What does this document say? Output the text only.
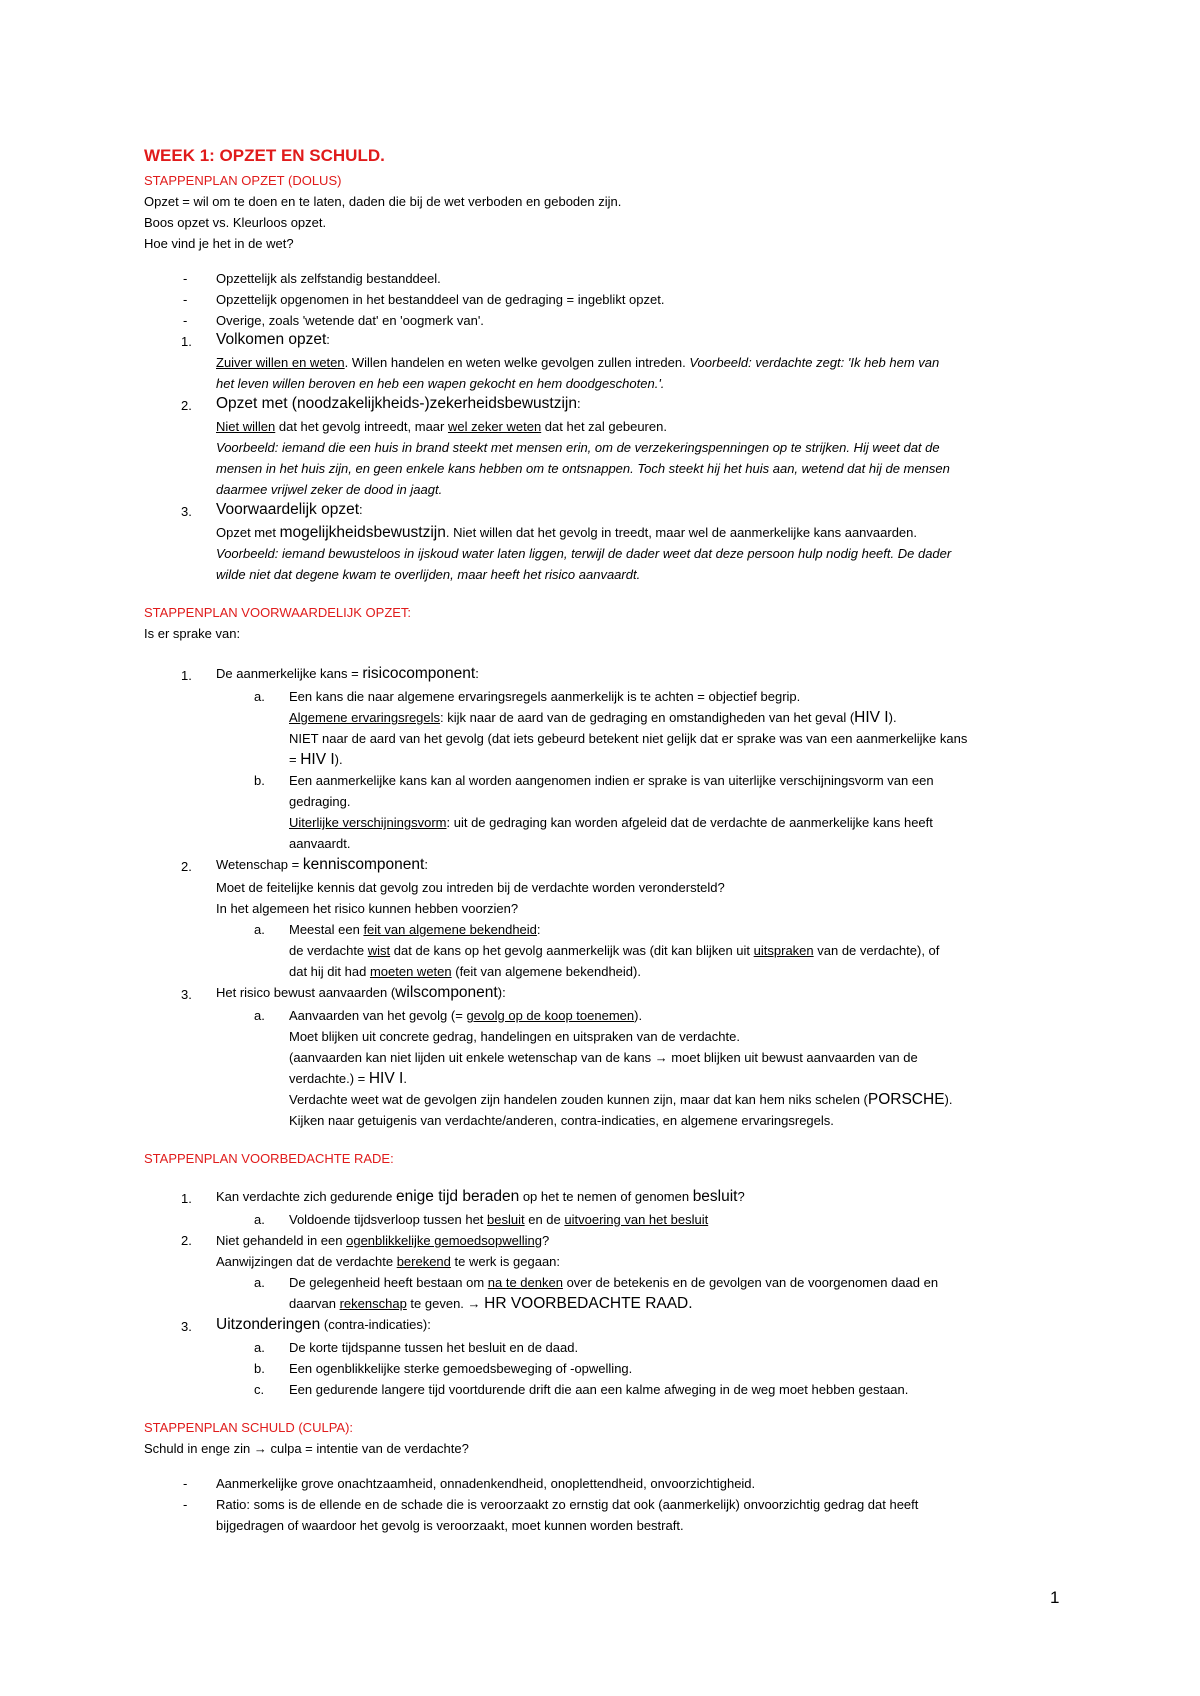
WEEK 1: OPZET EN SCHULD.
STAPPENPLAN OPZET (DOLUS)
Opzet = wil om te doen en te laten, daden die bij de wet verboden en geboden zijn.
Boos opzet vs. Kleurloos opzet.
Hoe vind je het in de wet?
- Opzettelijk als zelfstandig bestanddeel.
- Opzettelijk opgenomen in het bestanddeel van de gedraging = ingeblikt opzet.
- Overige, zoals 'wetende dat' en 'oogmerk van'.
1. Volkomen opzet:
Zuiver willen en weten. Willen handelen en weten welke gevolgen zullen intreden. Voorbeeld: verdachte zegt: 'Ik heb hem van
het leven willen beroven en heb een wapen gekocht en hem doodgeschoten.'.
2. Opzet met (noodzakelijkheids-)zekerheidsbewustzijn:
Niet willen dat het gevolg intreedt, maar wel zeker weten dat het zal gebeuren.
Voorbeeld: iemand die een huis in brand steekt met mensen erin, om de verzekeringspenningen op te strijken. Hij weet dat de
mensen in het huis zijn, en geen enkele kans hebben om te ontsnappen. Toch steekt hij het huis aan, wetend dat hij de mensen
daarmee vrijwel zeker de dood in jaagt.
3. Voorwaardelijk opzet:
Opzet met mogelijkheidsbewustzijn. Niet willen dat het gevolg in treedt, maar wel de aanmerkelijke kans aanvaarden.
Voorbeeld: iemand bewusteloos in ijskoud water laten liggen, terwijl de dader weet dat deze persoon hulp nodig heeft. De dader
wilde niet dat degene kwam te overlijden, maar heeft het risico aanvaardt.
STAPPENPLAN VOORWAARDELIJK OPZET:
Is er sprake van:
1. De aanmerkelijke kans = risicocomponent:
a. Een kans die naar algemene ervaringsregels aanmerkelijk is te achten = objectief begrip.
Algemene ervaringsregels: kijk naar de aard van de gedraging en omstandigheden van het geval (HIV I).
NIET naar de aard van het gevolg (dat iets gebeurd betekent niet gelijk dat er sprake was van een aanmerkelijke kans
= HIV I).
b. Een aanmerkelijke kans kan al worden aangenomen indien er sprake is van uiterlijke verschijningsvorm van een
gedraging.
Uiterlijke verschijningsvorm: uit de gedraging kan worden afgeleid dat de verdachte de aanmerkelijke kans heeft
aanvaardt.
2. Wetenschap = kenniscomponent:
Moet de feitelijke kennis dat gevolg zou intreden bij de verdachte worden verondersteld?
In het algemeen het risico kunnen hebben voorzien?
a. Meestal een feit van algemene bekendheid:
de verdachte wist dat de kans op het gevolg aanmerkelijk was (dit kan blijken uit uitspraken van de verdachte), of
dat hij dit had moeten weten (feit van algemene bekendheid).
3. Het risico bewust aanvaarden (wilscomponent):
a. Aanvaarden van het gevolg (= gevolg op de koop toenemen).
Moet blijken uit concrete gedrag, handelingen en uitspraken van de verdachte.
(aanvaarden kan niet lijden uit enkele wetenschap van de kans → moet blijken uit bewust aanvaarden van de
verdachte.) = HIV I.
Verdachte weet wat de gevolgen zijn handelen zouden kunnen zijn, maar dat kan hem niks schelen (PORSCHE).
Kijken naar getuigenis van verdachte/anderen, contra-indicaties, en algemene ervaringsregels.
STAPPENPLAN VOORBEDACHTE RADE:
1. Kan verdachte zich gedurende enige tijd beraden op het te nemen of genomen besluit?
a. Voldoende tijdsverloop tussen het besluit en de uitvoering van het besluit
2. Niet gehandeld in een ogenblikkelijke gemoedsopwelling?
Aanwijzingen dat de verdachte berekend te werk is gegaan:
a. De gelegenheid heeft bestaan om na te denken over de betekenis en de gevolgen van de voorgenomen daad en
daarvan rekenschap te geven. → HR VOORBEDACHTE RAAD.
3. Uitzonderingen (contra-indicaties):
a. De korte tijdspanne tussen het besluit en de daad.
b. Een ogenblikkelijke sterke gemoedsbeweging of -opwelling.
c. Een gedurende langere tijd voortdurende drift die aan een kalme afweging in de weg moet hebben gestaan.
STAPPENPLAN SCHULD (CULPA):
Schuld in enge zin → culpa = intentie van de verdachte?
- Aanmerkelijke grove onachtzaamheid, onnadenkendheid, onoplettendheid, onvoorzichtigheid.
- Ratio: soms is de ellende en de schade die is veroorzaakt zo ernstig dat ook (aanmerkelijk) onvoorzichtig gedrag dat heeft
bijgedragen of waardoor het gevolg is veroorzaakt, moet kunnen worden bestraft.
1
